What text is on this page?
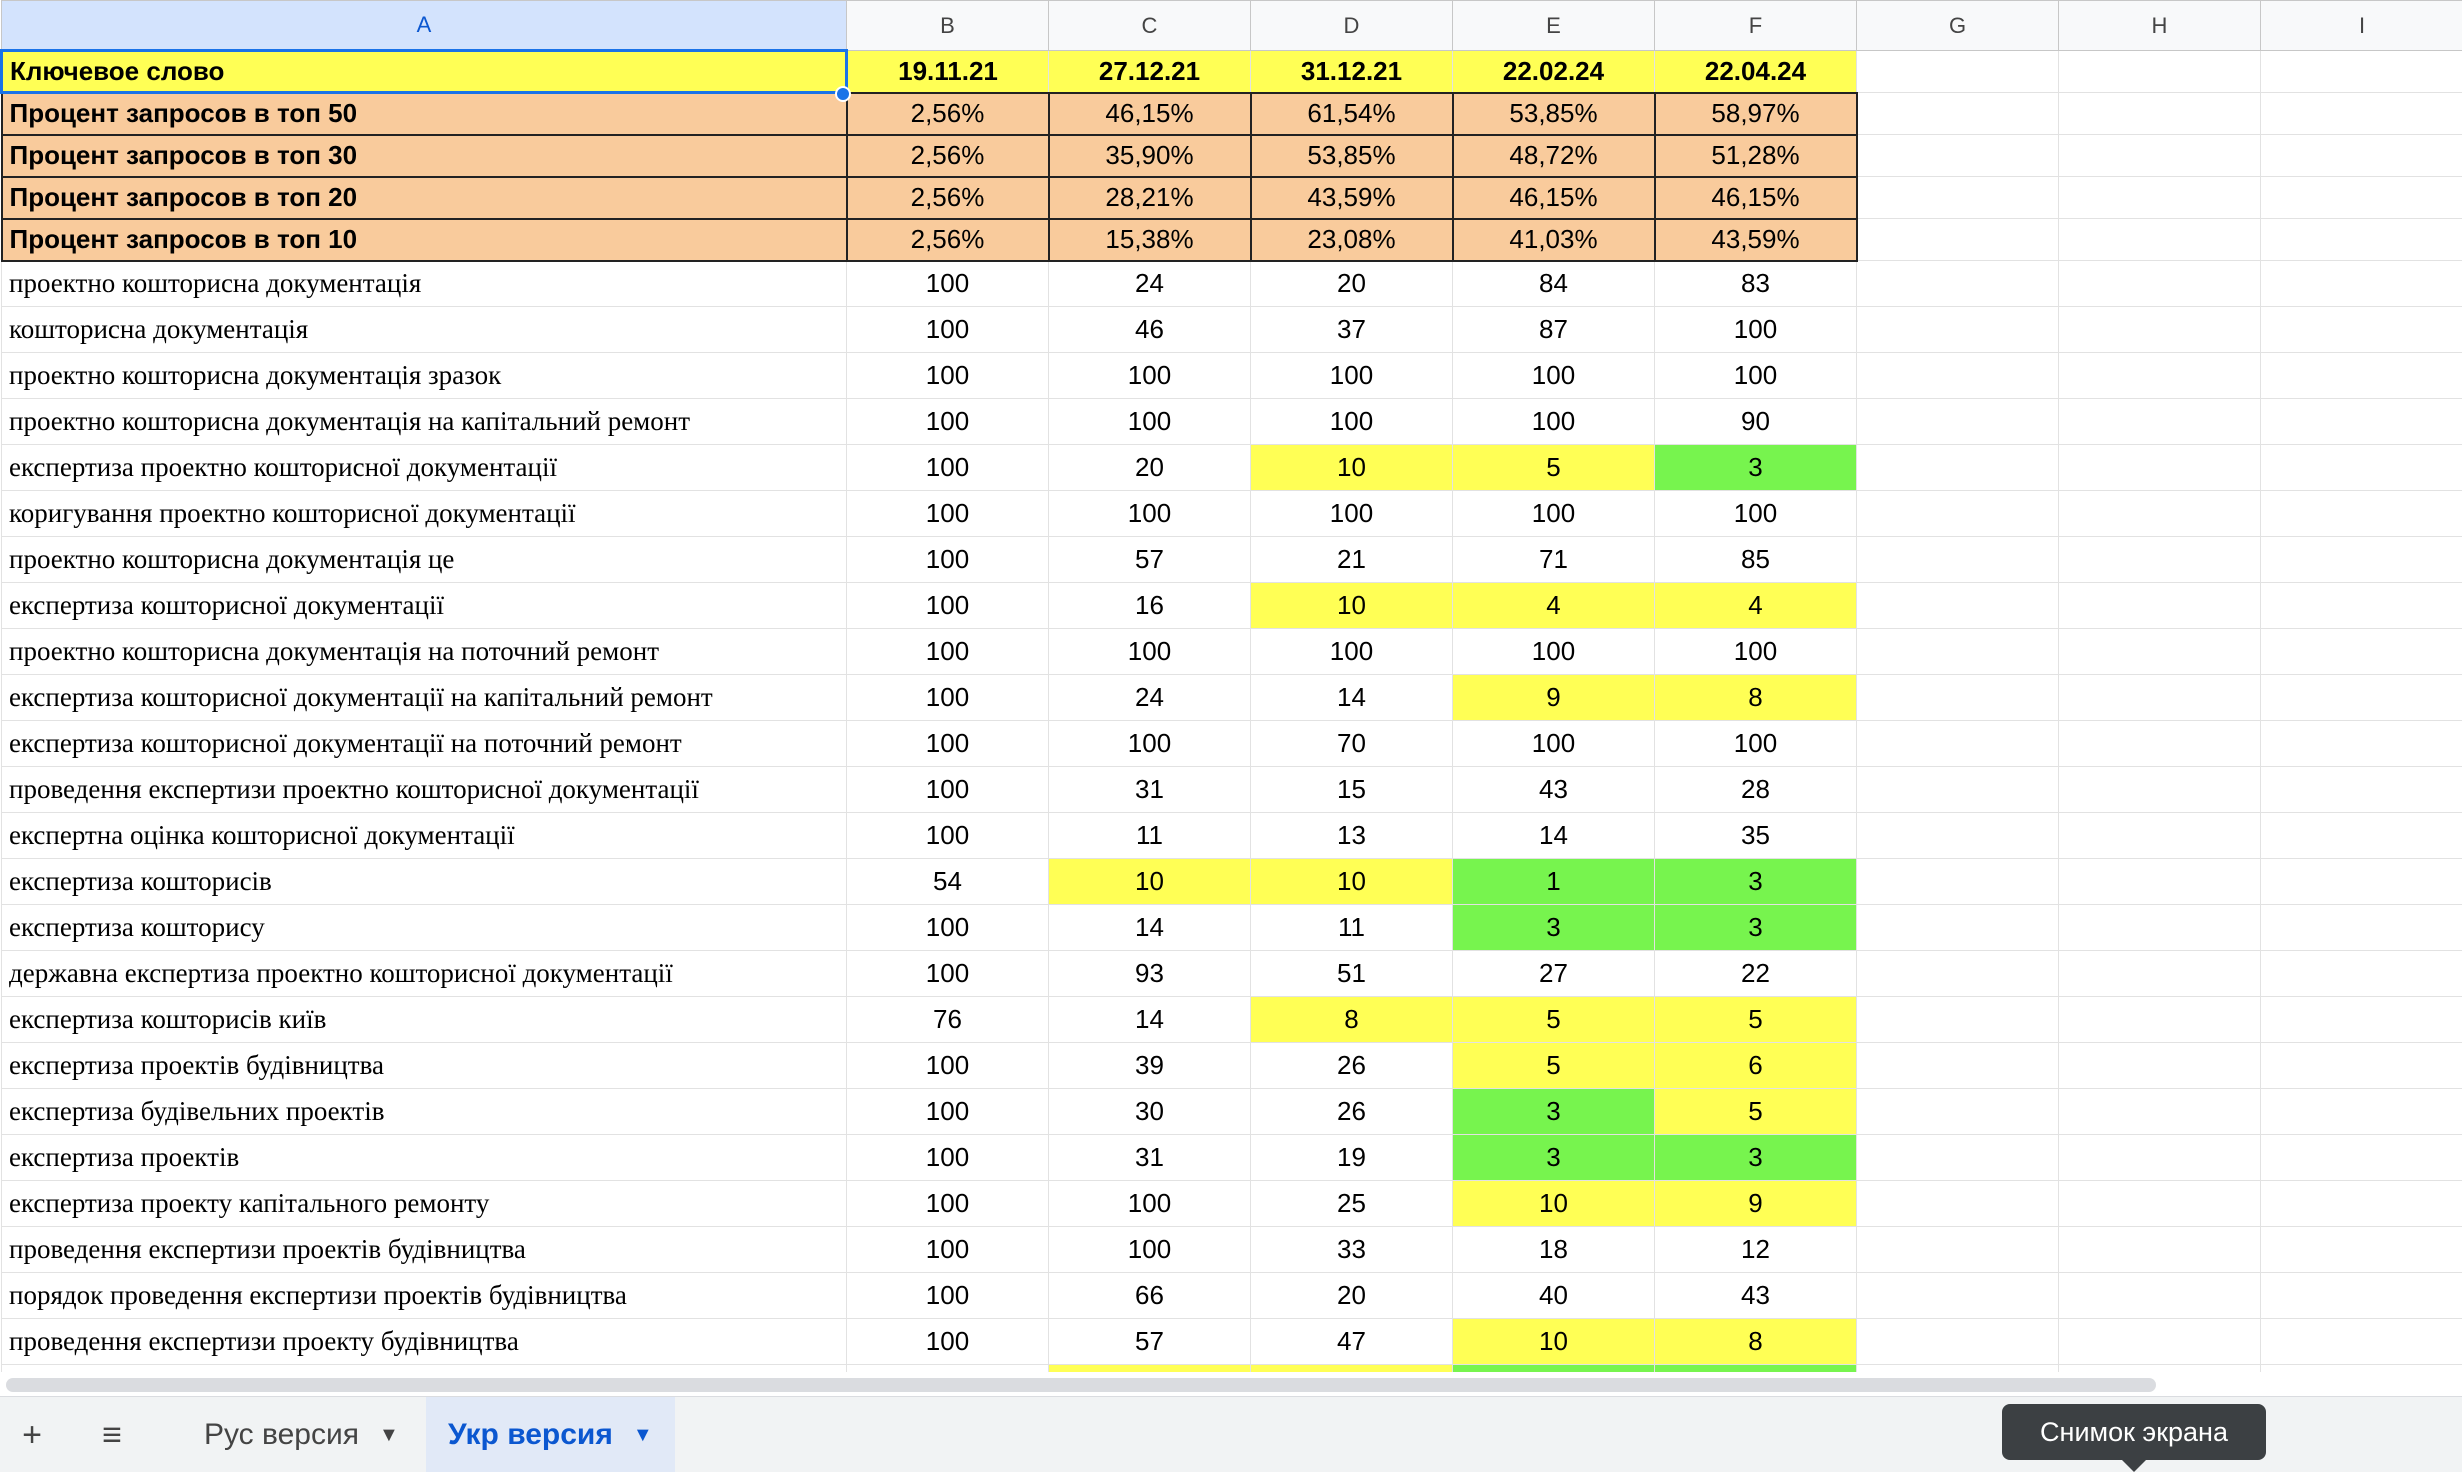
A	B	C	D	E	F	G	H	I
Ключевое слово	19.11.21	27.12.21	31.12.21	22.02.24	22.04.24			
Процент запросов в топ 50	2,56%	46,15%	61,54%	53,85%	58,97%			
Процент запросов в топ 30	2,56%	35,90%	53,85%	48,72%	51,28%			
Процент запросов в топ 20	2,56%	28,21%	43,59%	46,15%	46,15%			
Процент запросов в топ 10	2,56%	15,38%	23,08%	41,03%	43,59%			
проектно кошторисна документація	100	24	20	84	83			
кошторисна документація	100	46	37	87	100			
проектно кошторисна документація зразок	100	100	100	100	100			
проектно кошторисна документація на капітальний ремонт	100	100	100	100	90			
експертиза проектно кошторисної документації	100	20	10	5	3			
коригування проектно кошторисної документації	100	100	100	100	100			
проектно кошторисна документація це	100	57	21	71	85			
експертиза кошторисної документації	100	16	10	4	4			
проектно кошторисна документація на поточний ремонт	100	100	100	100	100			
експертиза кошторисної документації на капітальний ремонт	100	24	14	9	8			
експертиза кошторисної документації на поточний ремонт	100	100	70	100	100			
проведення експертизи проектно кошторисної документації	100	31	15	43	28			
експертна оцінка кошторисної документації	100	11	13	14	35			
експертиза кошторисів	54	10	10	1	3			
експертиза кошторису	100	14	11	3	3			
державна експертиза проектно кошторисної документації	100	93	51	27	22			
експертиза кошторисів київ	76	14	8	5	5			
експертиза проектів будівництва	100	39	26	5	6			
експертиза будівельних проектів	100	30	26	3	5			
експертиза проектів	100	31	19	3	3			
експертиза проекту капітального ремонту	100	100	25	10	9			
проведення експертизи проектів будівництва	100	100	33	18	12			
порядок проведення експертизи проектів будівництва	100	66	20	40	43			
проведення експертизи проекту будівництва	100	57	47	10	8			

+	≡	Рус версия ▼ Укр версия ▼	Снимок экрана
